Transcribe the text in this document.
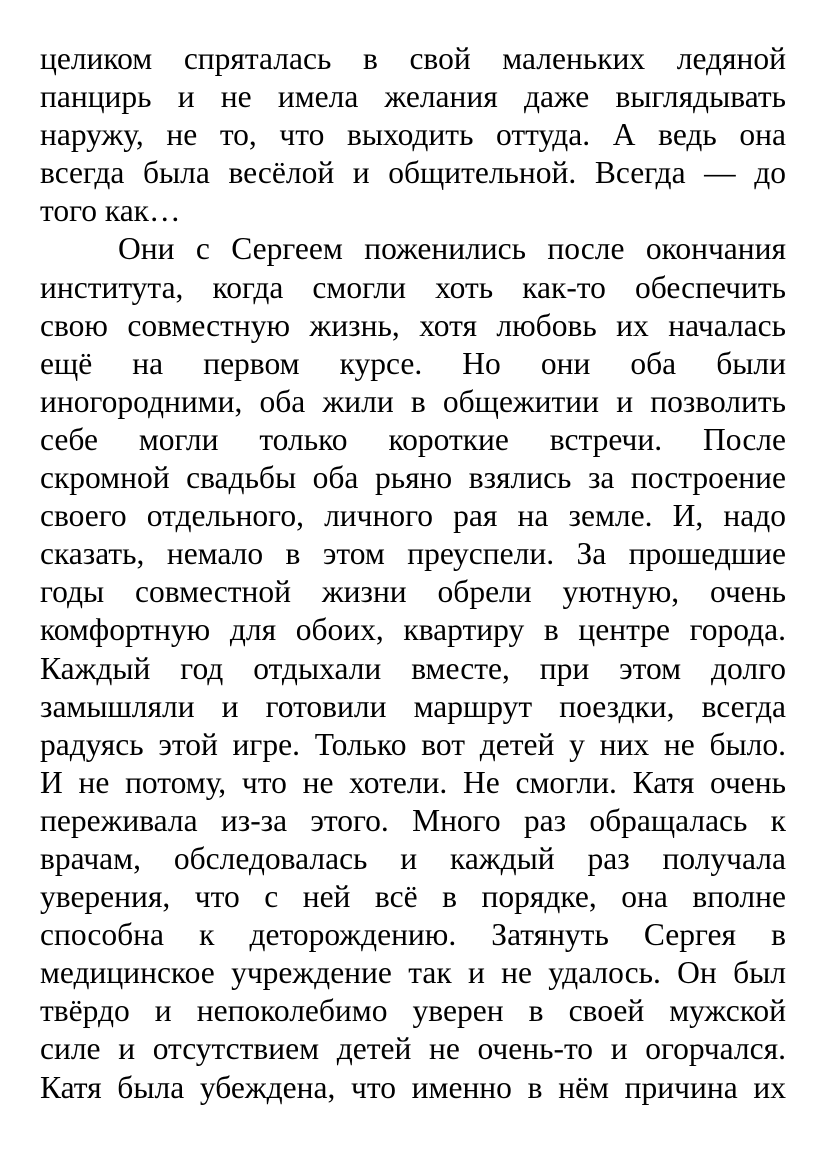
целиком спряталась в свой маленьких ледяной
панцирь и не имела желания даже выглядывать
наружу, не то, что выходить оттуда. А ведь она
всегда была весёлой и общительной. Всегда — до
того как…
Они с Сергеем поженились после окончания
института, когда смогли хоть как-то обеспечить
свою совместную жизнь, хотя любовь их началась
ещё на первом курсе. Но они оба были
иногородними, оба жили в общежитии и позволить
себе могли только короткие встречи. После
скромной свадьбы оба рьяно взялись за построение
своего отдельного, личного рая на земле. И, надо
сказать, немало в этом преуспели. За прошедшие
годы совместной жизни обрели уютную, очень
комфортную для обоих, квартиру в центре города.
Каждый год отдыхали вместе, при этом долго
замышляли и готовили маршрут поездки, всегда
радуясь этой игре. Только вот детей у них не было.
И не потому, что не хотели. Не смогли. Катя очень
переживала из-за этого. Много раз обращалась к
врачам, обследовалась и каждый раз получала
уверения, что с ней всё в порядке, она вполне
способна к деторождению. Затянуть Сергея в
медицинское учреждение так и не удалось. Он был
твёрдо и непоколебимо уверен в своей мужской
силе и отсутствием детей не очень-то и огорчался.
Катя была убеждена, что именно в нём причина их
